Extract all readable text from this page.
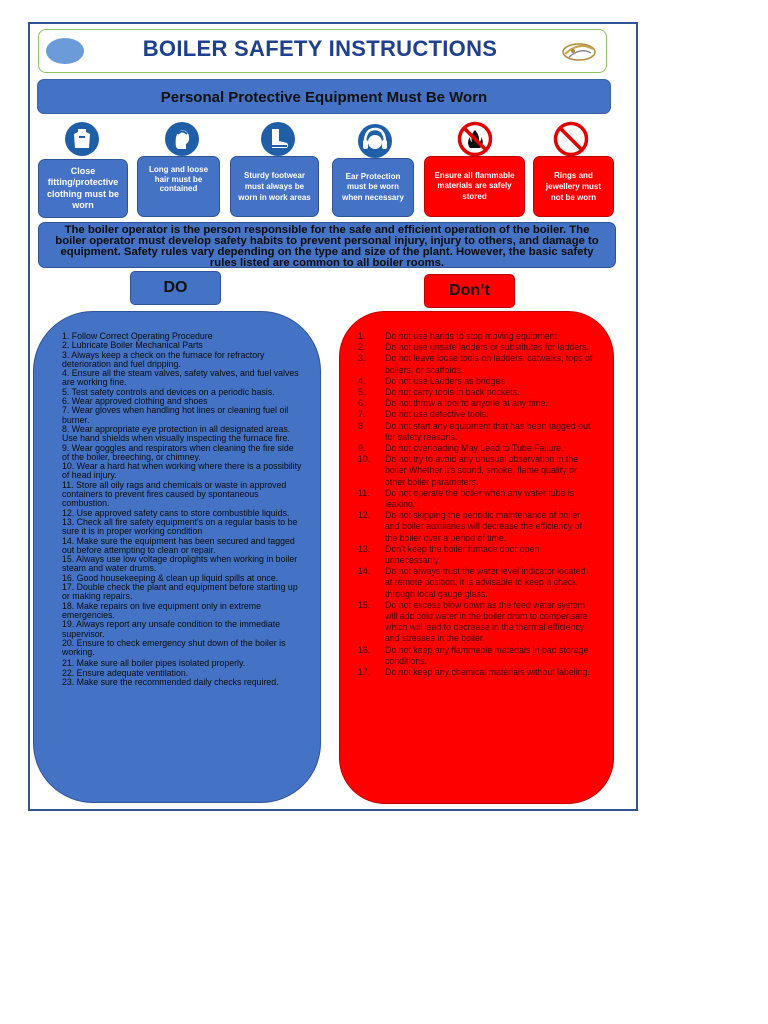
BOILER SAFETY INSTRUCTIONS
Personal Protective Equipment Must Be Worn
Close fitting/protective clothing must be worn
Long and loose hair must be contained
Sturdy footwear must always be worn in work areas
Ear Protection must be worn when necessary
Ensure all flammable materials are safely stored
Rings and jewellery must not be worn

The boiler operator is the person responsible for the safe and efficient operation of the boiler. The boiler operator must develop safety habits to prevent personal injury, injury to others, and damage to equipment. Safety rules vary depending on the type and size of the plant. However, the basic safety rules listed are common to all boiler rooms.

DO	Don’t
1. Follow Correct Operating Procedure
2. Lubricate Boiler Mechanical Parts
3. Always keep a check on the furnace for refractory deterioration and fuel dripping.
4. Ensure all the steam valves, safety valves, and fuel valves are working fine.
5. Test safety controls and devices on a periodic basis.
6. Wear approved clothing and shoes
7. Wear gloves when handling hot lines or cleaning fuel oil burner.
8. Wear appropriate eye protection in all designated areas. Use hand shields when visually inspecting the furnace fire.
9. Wear goggles and respirators when cleaning the fire side of the boiler, breeching, or chimney.
10. Wear a hard hat when working where there is a possibility of head injury.
11. Store all oily rags and chemicals or waste in approved containers to prevent fires caused by spontaneous combustion.
12. Use approved safety cans to store combustible liquids.
13. Check all fire safety equipment's on a regular basis to be sure it is in proper working condition
14. Make sure the equipment has been secured and tagged out before attempting to clean or repair.
15. Always use low voltage droplights when working in boiler steam and water drums.
16. Good housekeeping & clean up liquid spills at once.
17. Double check the plant and equipment before starting up or making repairs.
18. Make repairs on live equipment only in extreme emergencies.
19. Always report any unsafe condition to the immediate supervisor.
20. Ensure to check emergency shut down of the boiler is working.
21. Make sure all boiler pipes isolated properly.
22. Ensure adequate ventilation.
23. Make sure the recommended daily checks required.
1. Do not use hands to stop moving equipment
2. Do not use unsafe ladders or substitutes for ladders.
3. Do not leave loose tools on ladders, catwalks, tops of boilers, or scaffolds.
4. Do not use Ladders as bridges
5. Do not carry tools in back pockets.
6. Do not throw a tool to anyone at any time.
7. Do not use defective tools.
8	Do not start any equipment that has been tagged out for safety reasons.
9. Do not overloading May Lead to Tube Failure.
10. Do not try to avoid any unusual observation in the boiler Whether it's sound, smoke, flame quality or other boiler parameters.
11. Do not operate the boiler when any water tube is leaking.
12. Do not skipping the periodic maintenance of boiler and boiler auxiliaries will decrease the efficiency of the boiler over a period of time.
13. Don't keep the boiler furnace door open unnecessarily.
14. Do not always trust the water level indicator located at remote position, it is advisable to keep a check through local gauge glass.
15. Do not excess blow down as the feed water system will add cold water in the boiler drum to compensate which will lead to decrease in the thermal efficiency and stresses in the boiler.
16. Do not keep any flammable materials in bad storage conditions.
17. Do not keep any chemical materials without labeling.
